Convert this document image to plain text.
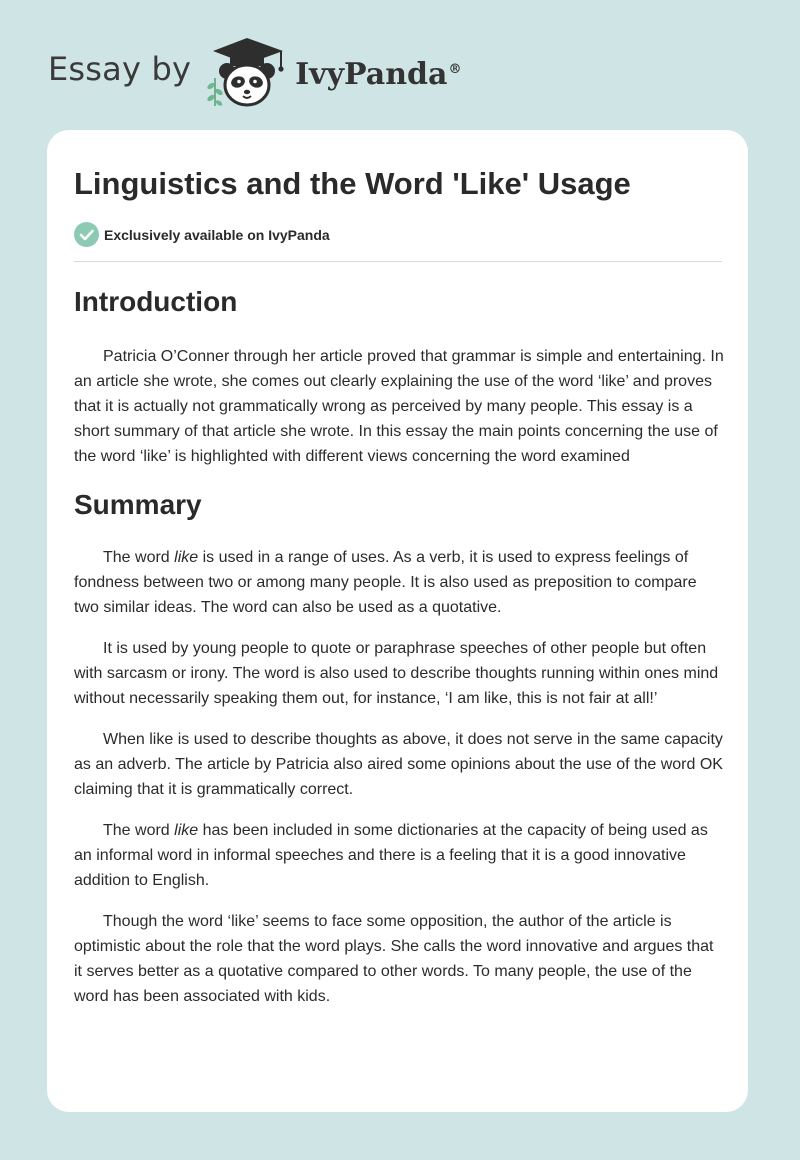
Essay by	IvyPanda®
Linguistics and the Word 'Like' Usage
Exclusively available on IvyPanda
Introduction

Patricia O’Conner through her article proved that grammar is simple and entertaining. In an article she wrote, she comes out clearly explaining the use of the word ‘like’ and proves that it is actually not grammatically wrong as perceived by many people. This essay is a short summary of that article she wrote. In this essay the main points concerning the use of the word ‘like’ is highlighted with different views concerning the word examined

Summary

The word like is used in a range of uses. As a verb, it is used to express feelings of fondness between two or among many people. It is also used as preposition to compare two similar ideas. The word can also be used as a quotative.

It is used by young people to quote or paraphrase speeches of other people but often with sarcasm or irony. The word is also used to describe thoughts running within ones mind without necessarily speaking them out, for instance, ‘I am like, this is not fair at all!’

When like is used to describe thoughts as above, it does not serve in the same capacity as an adverb. The article by Patricia also aired some opinions about the use of the word OK claiming that it is grammatically correct.

The word like has been included in some dictionaries at the capacity of being used as an informal word in informal speeches and there is a feeling that it is a good innovative addition to English.

Though the word ‘like’ seems to face some opposition, the author of the article is optimistic about the role that the word plays. She calls the word innovative and argues that it serves better as a quotative compared to other words. To many people, the use of the word has been associated with kids.
